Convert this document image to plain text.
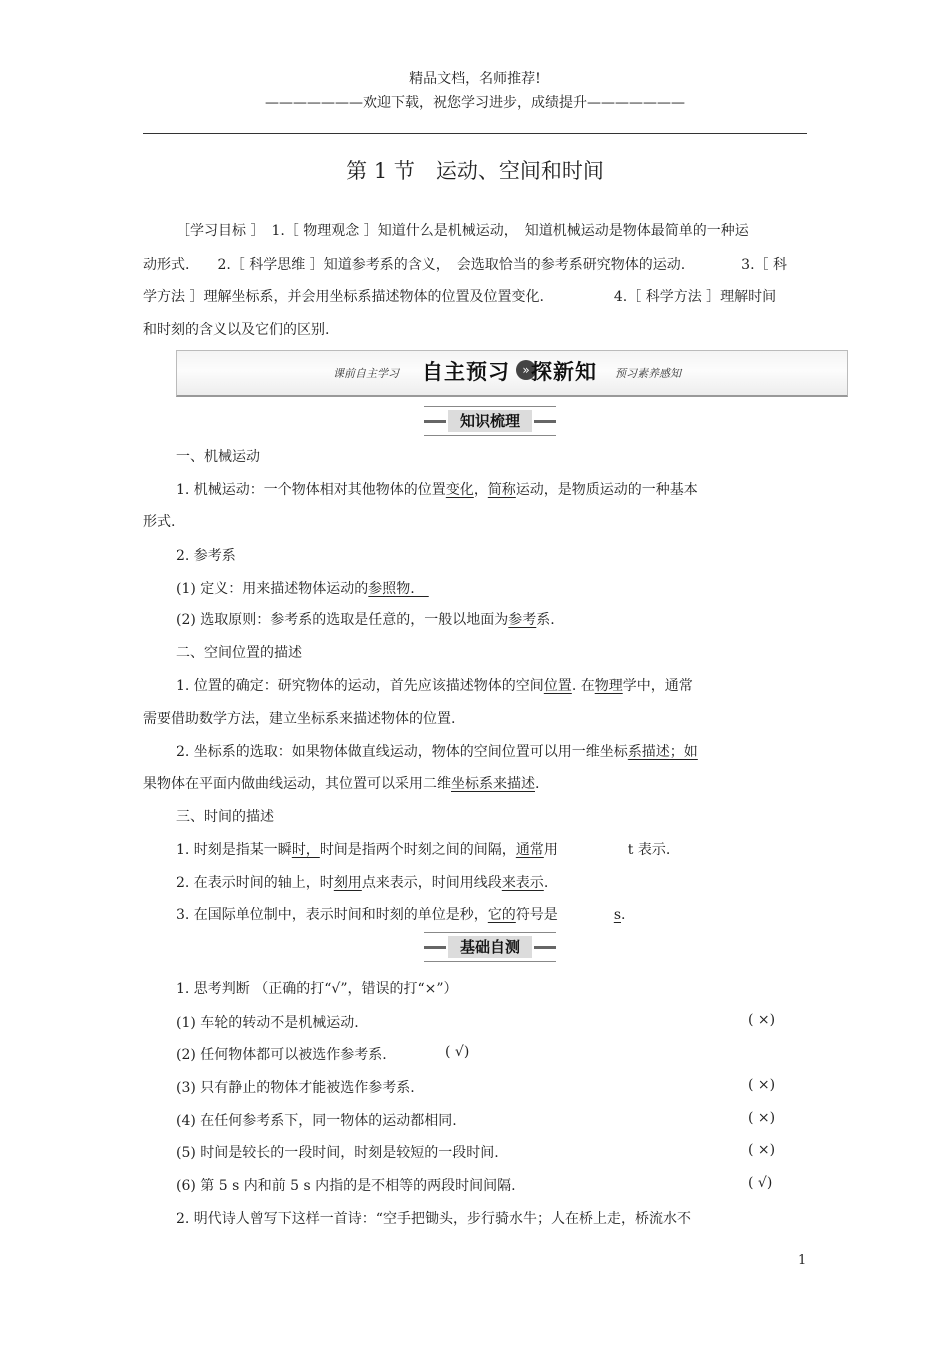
精品文档，名师推荐!
———————欢迎下载，祝您学习进步，成绩提升———————
第 1 节　运动、空间和时间
［学习目标 ］　1.［ 物理观念 ］知道什么是机械运动，　知道机械运动是物体最简单的一种运
动形式.　　2.［ 科学思维 ］知道参考系的含义，　会选取恰当的参考系研究物体的运动.　　　　3.［ 科
学方法 ］理解坐标系，并会用坐标系描述物体的位置及位置变化.　　　　　4.［ 科学方法 ］理解时间
和时刻的含义以及它们的区别.
课前自主学习 自主预习	» 探新知 预习素养感知
知识梳理
一、机械运动
1. 机械运动：一个物体相对其他物体的位置变化，简称运动，是物质运动的一种基本
形式.
2. 参考系
(1) 定义：用来描述物体运动的参照物.　
(2) 选取原则：参考系的选取是任意的，一般以地面为参考系.
二、空间位置的描述
1. 位置的确定：研究物体的运动，首先应该描述物体的空间位置. 在物理学中，通常
需要借助数学方法，建立坐标系来描述物体的位置.
2. 坐标系的选取：如果物体做直线运动，物体的空间位置可以用一维坐标系描述；如
果物体在平面内做曲线运动，其位置可以采用二维坐标系来描述.
三、时间的描述
1. 时刻是指某一瞬时，时间是指两个时刻之间的间隔，通常用　　　　　t 表示.
2. 在表示时间的轴上，时刻用点来表示，时间用线段来表示.
3. 在国际单位制中，表示时间和时刻的单位是秒，它的符号是　　　　s.
基础自测
1. 思考判断 （正确的打“√”，错误的打“×”）
(1) 车轮的转动不是机械运动.	( ×)
(2) 任何物体都可以被选作参考系.	( √)
(3) 只有静止的物体才能被选作参考系.	( ×)
(4) 在任何参考系下，同一物体的运动都相同.	( ×)
(5) 时间是较长的一段时间，时刻是较短的一段时间.	( ×)
(6) 第 5 s 内和前 5 s 内指的是不相等的两段时间间隔.	( √)
2. 明代诗人曾写下这样一首诗：“空手把锄头，步行骑水牛；人在桥上走，桥流水不
1
